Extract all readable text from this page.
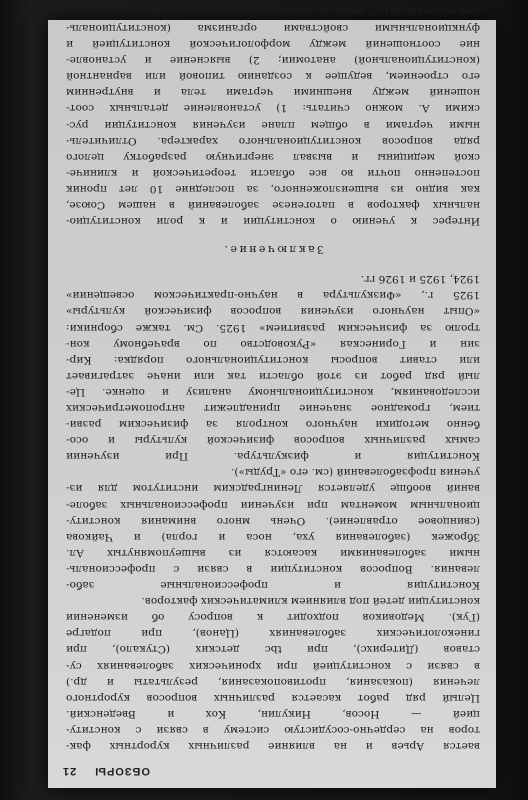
ОБЗОРЫ
21
вается Арьев и на влияние различных курортных фак-
торов на сердечно-сосудистую систему в связи с конститу-
цией — Носов, Никулин, Кох и Введенский.
Целый ряд работ касается различных вопросов курортного
лечения (показания, противопоказания, результаты и др.)
в связи с конституцией при хронических заболеваниях су-
ставов (Дитерихс), при tbc детских (Стукало), при
гинекологических заболеваниях (Цанов), при подагре
(Гук). Медовиков подходит к вопросу об изменении
конституции детей под влиянием климатических факторов.
Конституция и профессиональные забо-
левания. Вопросов конституции в связи с профессиональ-
ными заболеваниями касаются из вышеупомянутых Ал.
Зброжек (заболевания уха, носа и горла) и Чайкова
(свинцовое отравление). Очень много внимания конститу-
циональным моментам при изучении профессиональных заболе-
ваний вообще уделяется Ленинградским институтом для из-
учения профзаболеваний (см. его «Труды»).
Конституция и физкультура. При изучении
самых различных вопросов физической культуры и осо-
бенно методики научного контроля за физическим разви-
тием, громадное значение принадлежит антропометрических
исследованиям, конституциональному анализу и оценке. Це-
лый ряд работ из этой области так или иначе затрагивает
или ставит вопросы конституционального порядка: Кир-
зин и Горинеская «Руководство по врачебному кон-
тролю за физическим развитием» 1925. См. также сборники:
«Опыт научного изучения вопросов физической культуры»
1925 г., «Физкультура в научно-практическом освещении»
1924, 1925 и 1926 гг.
Заключение.
Интерес к учению о конституции и к роли конституцио-
нальных факторов в патогенезе заболеваний в нашем Союзе,
как видно из вышеизложенного, за последние 10 лет проник
постепенно почти во все области теоретической и клиниче-
ской медицины и вызвал энергичную разработку целого
ряда вопросов конституционального характера. Отличитель-
ными чертами в общем плане изучения конституции рус-
скими А. можно считать: 1) установление детальных соот-
ношений между внешними чертами тела и внутренним
его строением, ведущее к созданию типовой или вариантной
(конституциональной) анатомии; 2) выяснение и установле-
ние соотношений между морфологической конституцией и
функциональными свойствами организма (конституциональ-
ная корреляция); 3) попытка подойти к установлению типо-
